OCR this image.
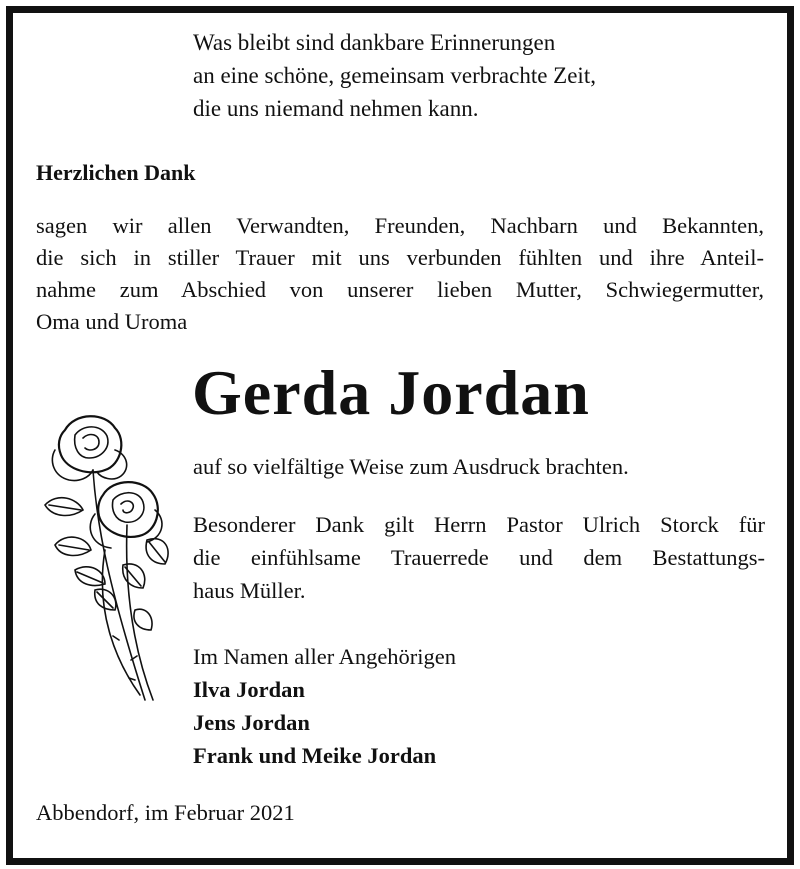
Was bleibt sind dankbare Erinnerungen
an eine schöne, gemeinsam verbrachte Zeit,
die uns niemand nehmen kann.
Herzlichen Dank
sagen wir allen Verwandten, Freunden, Nachbarn und Bekannten,
die sich in stiller Trauer mit uns verbunden fühlten und ihre Anteil-
nahme zum Abschied von unserer lieben Mutter, Schwiegermutter,
Oma und Uroma
Gerda Jordan
auf so vielfältige Weise zum Ausdruck brachten.
Besonderer Dank gilt Herrn Pastor Ulrich Storck für
die einfühlsame Trauerrede und dem Bestattungs-
haus Müller.
Im Namen aller Angehörigen
Ilva Jordan
Jens Jordan
Frank und Meike Jordan
Abbendorf, im Februar 2021
